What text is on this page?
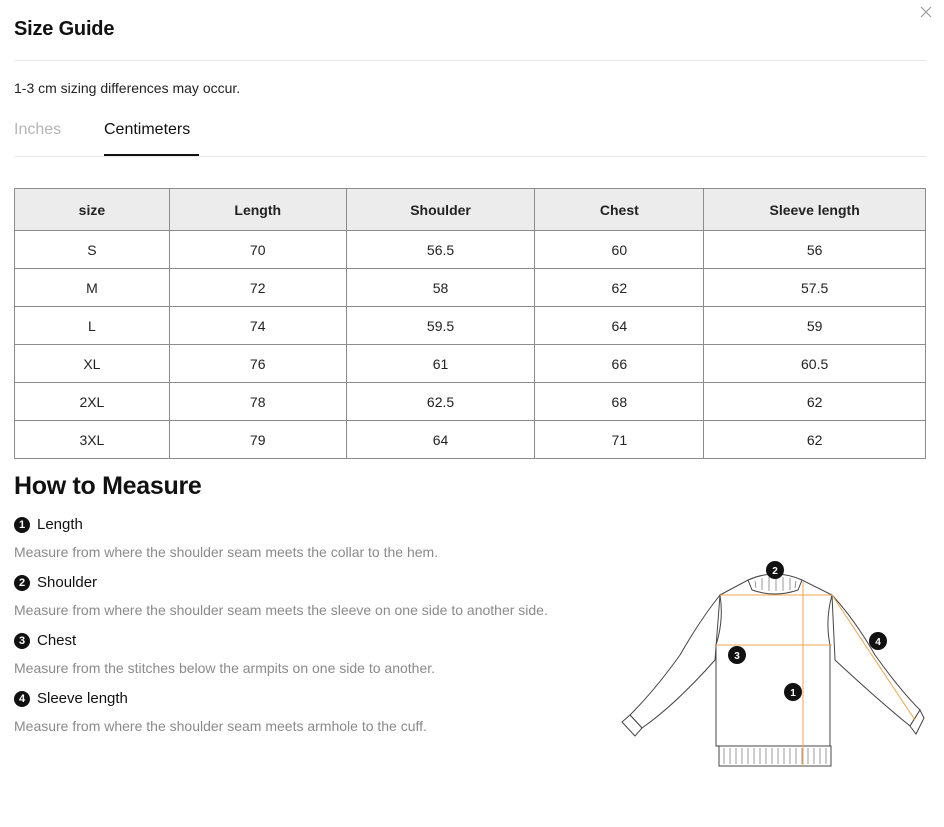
Size Guide
1-3 cm sizing differences may occur.
Inches	Centimeters
size	Length	Shoulder	Chest	Sleeve length
S	70	56.5	60	56
M	72	58	62	57.5
L	74	59.5	64	59
XL	76	61	66	60.5
2XL	78	62.5	68	62
3XL	79	64	71	62
How to Measure
1 Length
Measure from where the shoulder seam meets the collar to the hem.
2 Shoulder
Measure from where the shoulder seam meets the sleeve on one side to another side.
3 Chest
Measure from the stitches below the armpits on one side to another.
4 Sleeve length
Measure from where the shoulder seam meets armhole to the cuff.
2
3
1
4
